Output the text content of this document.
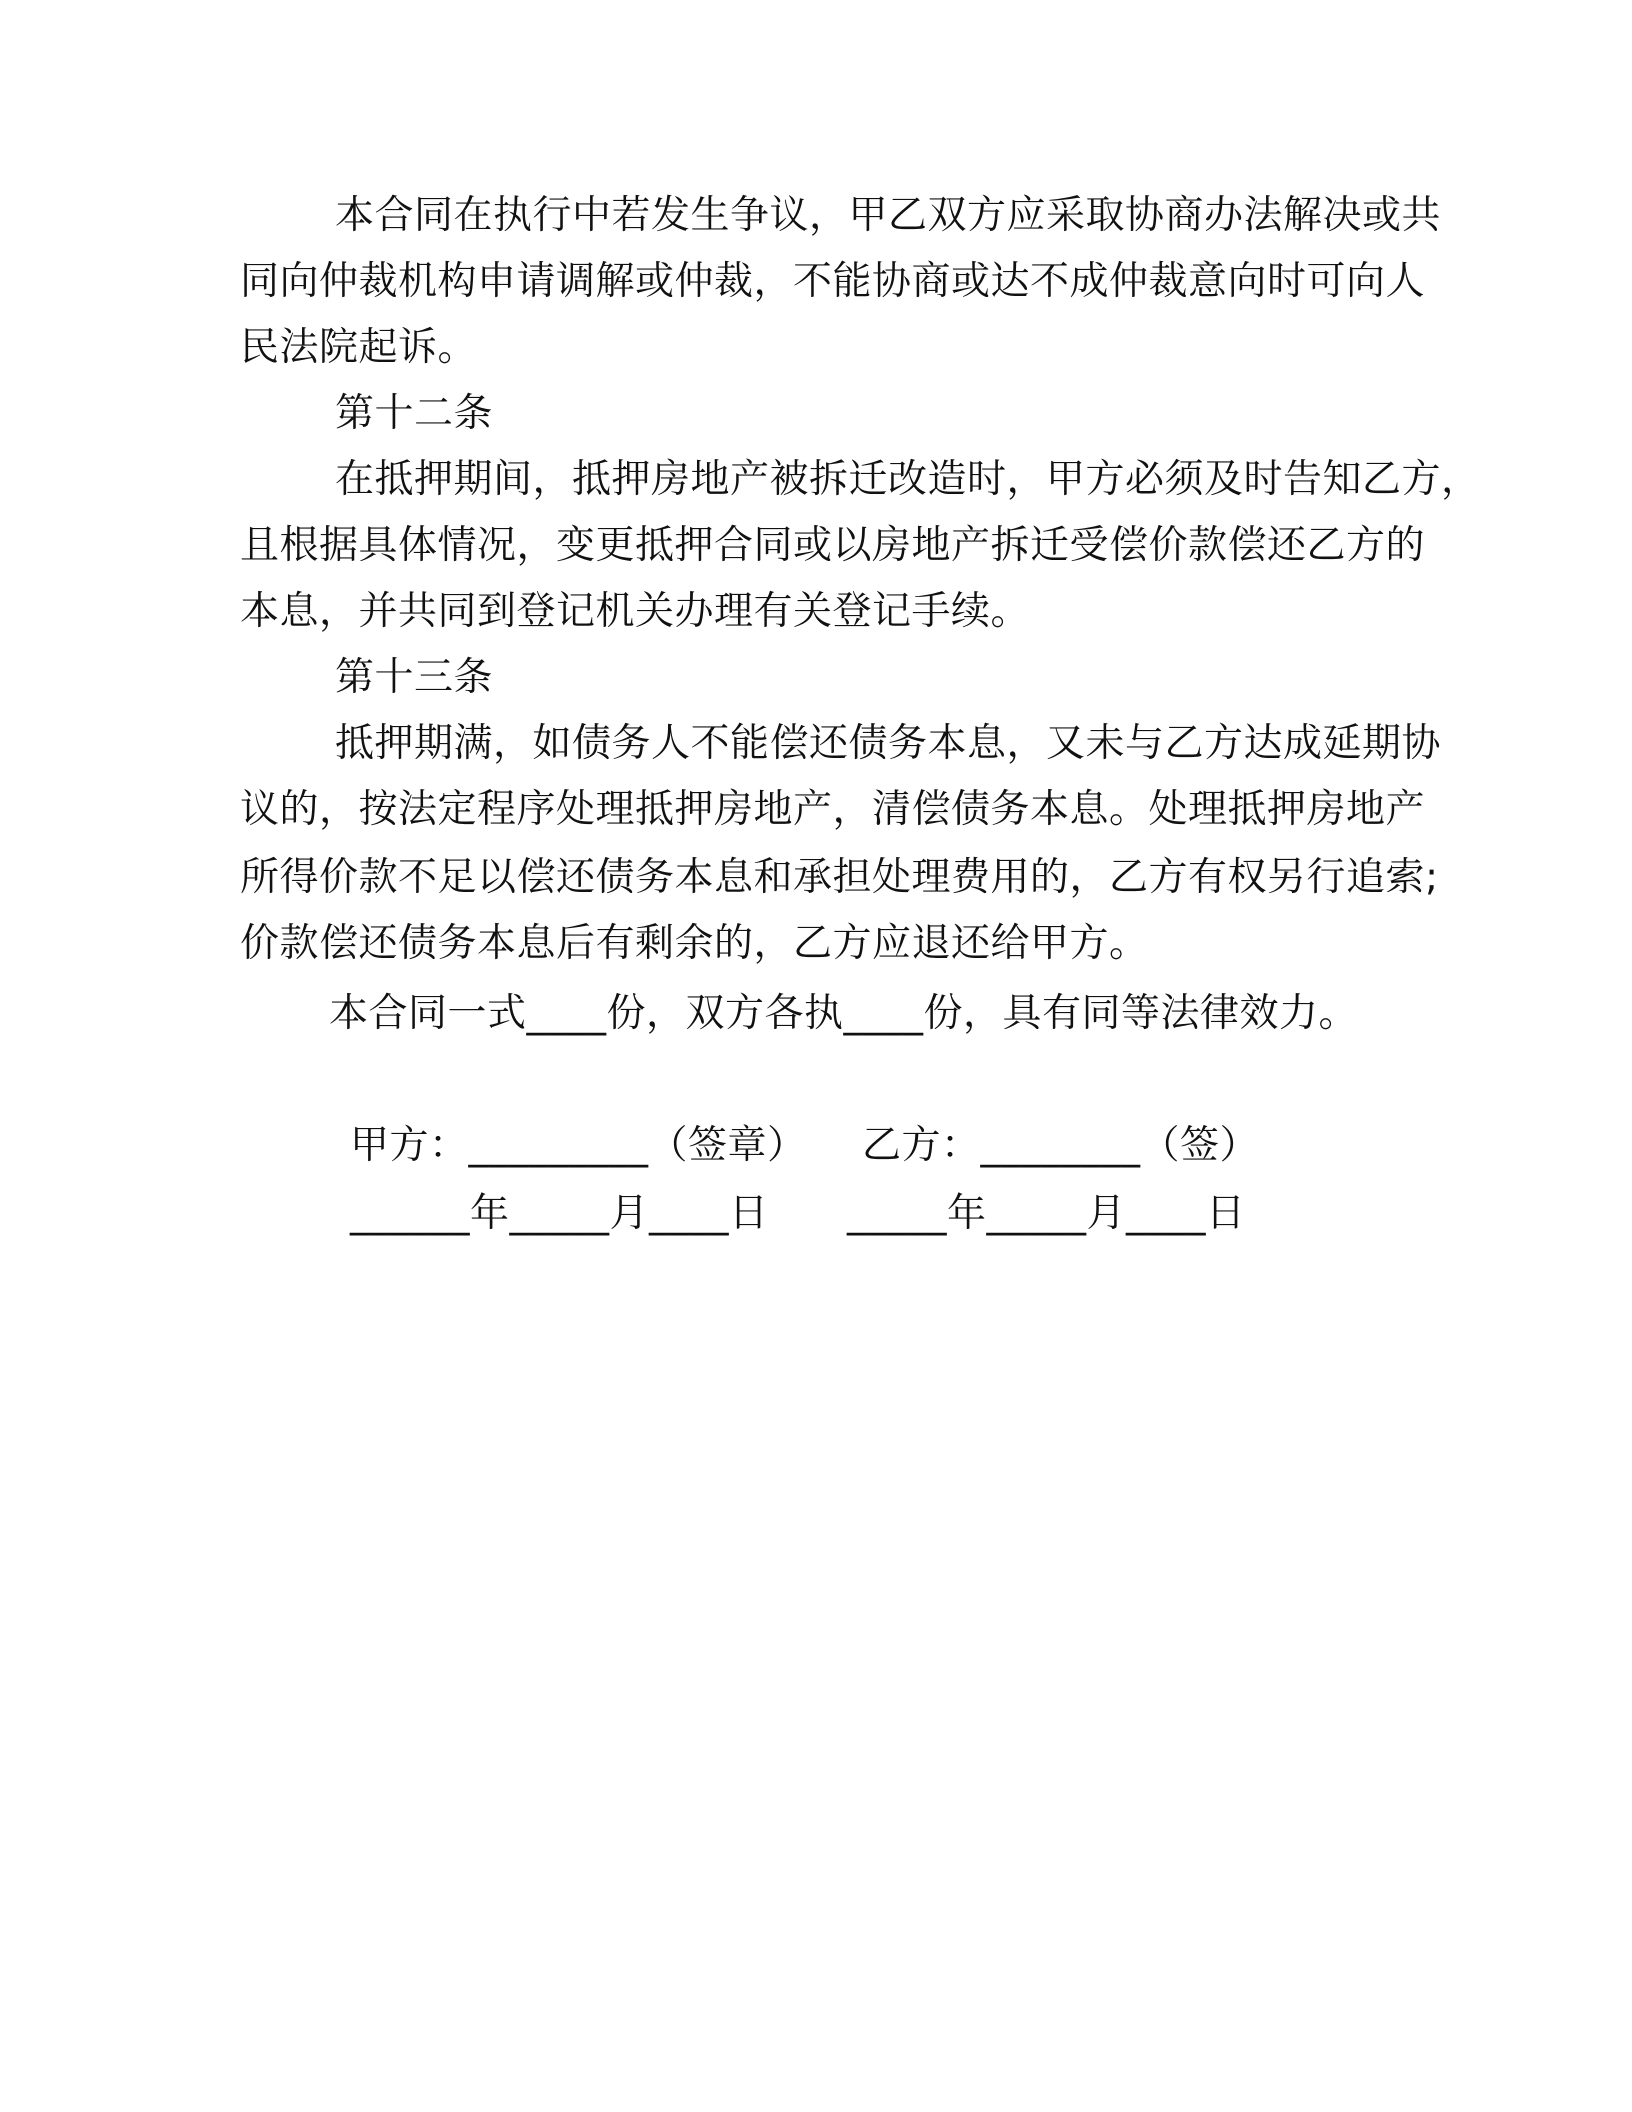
本合同在执行中若发生争议，甲乙双方应采取协商办法解决或共
同向仲裁机构申请调解或仲裁，不能协商或达不成仲裁意向时可向人
民法院起诉。
第十二条
在抵押期间，抵押房地产被拆迁改造时，甲方必须及时告知乙方，
且根据具体情况，变更抵押合同或以房地产拆迁受偿价款偿还乙方的
本息，并共同到登记机关办理有关登记手续。
第十三条
抵押期满，如债务人不能偿还债务本息，又未与乙方达成延期协
议的，按法定程序处理抵押房地产，清偿债务本息。处理抵押房地产
所得价款不足以偿还债务本息和承担处理费用的，乙方有权另行追索;
价款偿还债务本息后有剩余的，乙方应退还给甲方。
本合同一式____份，双方各执____份，具有同等法律效力。
甲方：_________（签章） 乙方：________（签）
______年_____月____日 _____年_____月____日
